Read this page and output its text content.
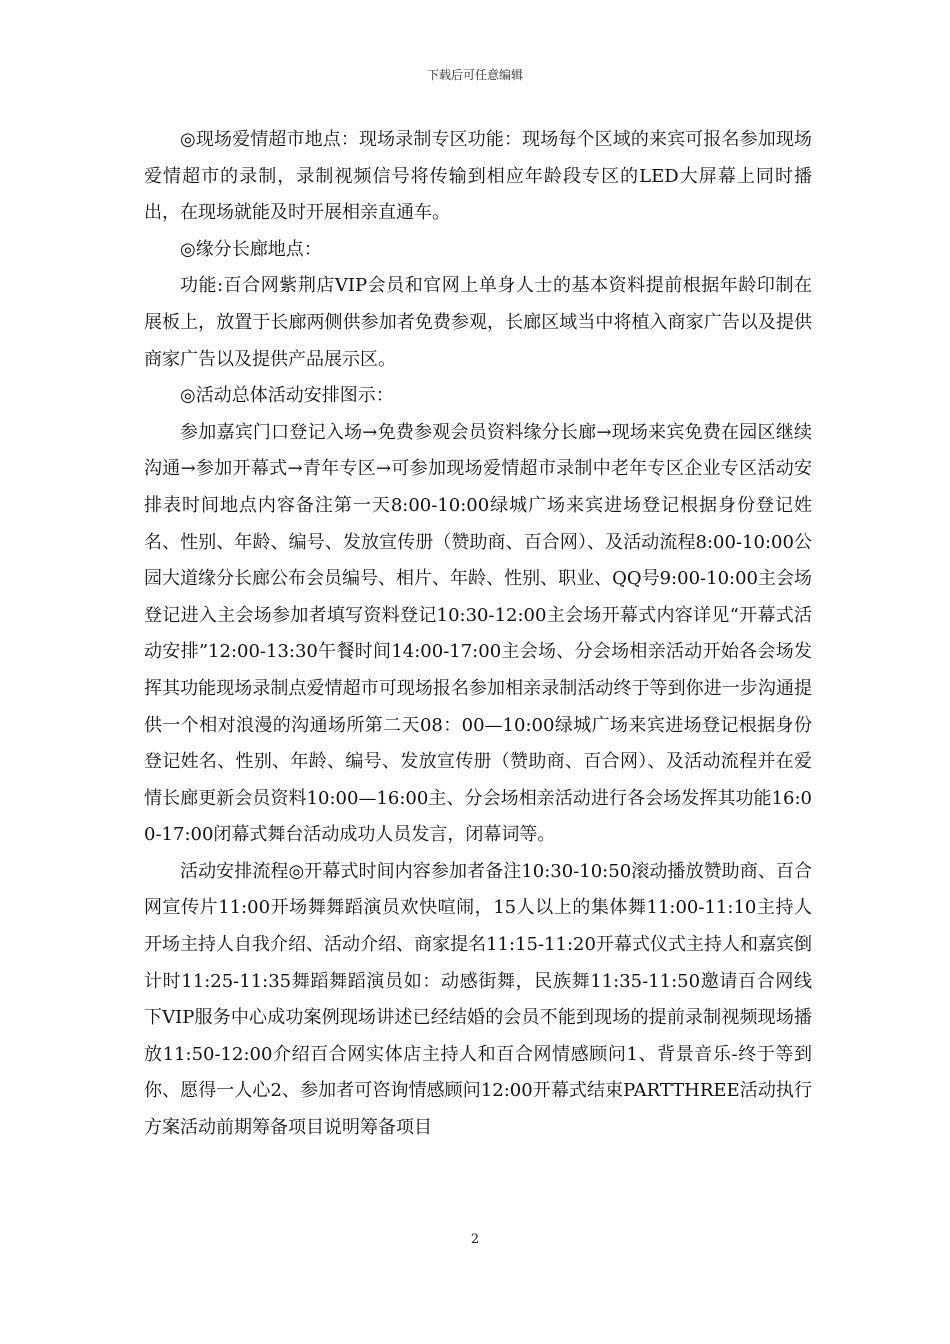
下载后可任意编辑

◎现场爱情超市地点：现场录制专区功能：现场每个区域的来宾可报名参加现场爱情超市的录制，录制视频信号将传输到相应年龄段专区的LED大屏幕上同时播出，在现场就能及时开展相亲直通车。

◎缘分长廊地点：

功能:百合网紫荆店VIP会员和官网上单身人士的基本资料提前根据年龄印制在展板上，放置于长廊两侧供参加者免费参观，长廊区域当中将植入商家广告以及提供商家广告以及提供产品展示区。

◎活动总体活动安排图示：

参加嘉宾门口登记入场→免费参观会员资料缘分长廊→现场来宾免费在园区继续沟通→参加开幕式→青年专区→可参加现场爱情超市录制中老年专区企业专区活动安排表时间地点内容备注第一天8:00-10:00绿城广场来宾进场登记根据身份登记姓名、性别、年龄、编号、发放宣传册（赞助商、百合网）、及活动流程8:00-10:00公园大道缘分长廊公布会员编号、相片、年龄、性别、职业、QQ号9:00-10:00主会场登记进入主会场参加者填写资料登记10:30-12:00主会场开幕式内容详见“开幕式活动安排”12:00-13:30午餐时间14:00-17:00主会场、分会场相亲活动开始各会场发挥其功能现场录制点爱情超市可现场报名参加相亲录制活动终于等到你进一步沟通提供一个相对浪漫的沟通场所第二天08：00—10:00绿城广场来宾进场登记根据身份登记姓名、性别、年龄、编号、发放宣传册（赞助商、百合网）、及活动流程并在爱情长廊更新会员资料10:00—16:00主、分会场相亲活动进行各会场发挥其功能16:00-17:00闭幕式舞台活动成功人员发言，闭幕词等。

活动安排流程◎开幕式时间内容参加者备注10:30-10:50滚动播放赞助商、百合网宣传片11:00开场舞舞蹈演员欢快喧闹，15人以上的集体舞11:00-11:10主持人开场主持人自我介绍、活动介绍、商家提名11:15-11:20开幕式仪式主持人和嘉宾倒计时11:25-11:35舞蹈舞蹈演员如：动感街舞，民族舞11:35-11:50邀请百合网线下VIP服务中心成功案例现场讲述已经结婚的会员不能到现场的提前录制视频现场播放11:50-12:00介绍百合网实体店主持人和百合网情感顾问1、背景音乐-终于等到你、愿得一人心2、参加者可咨询情感顾问12:00开幕式结束PARTTHREE活动执行方案活动前期筹备项目说明筹备项目

2
